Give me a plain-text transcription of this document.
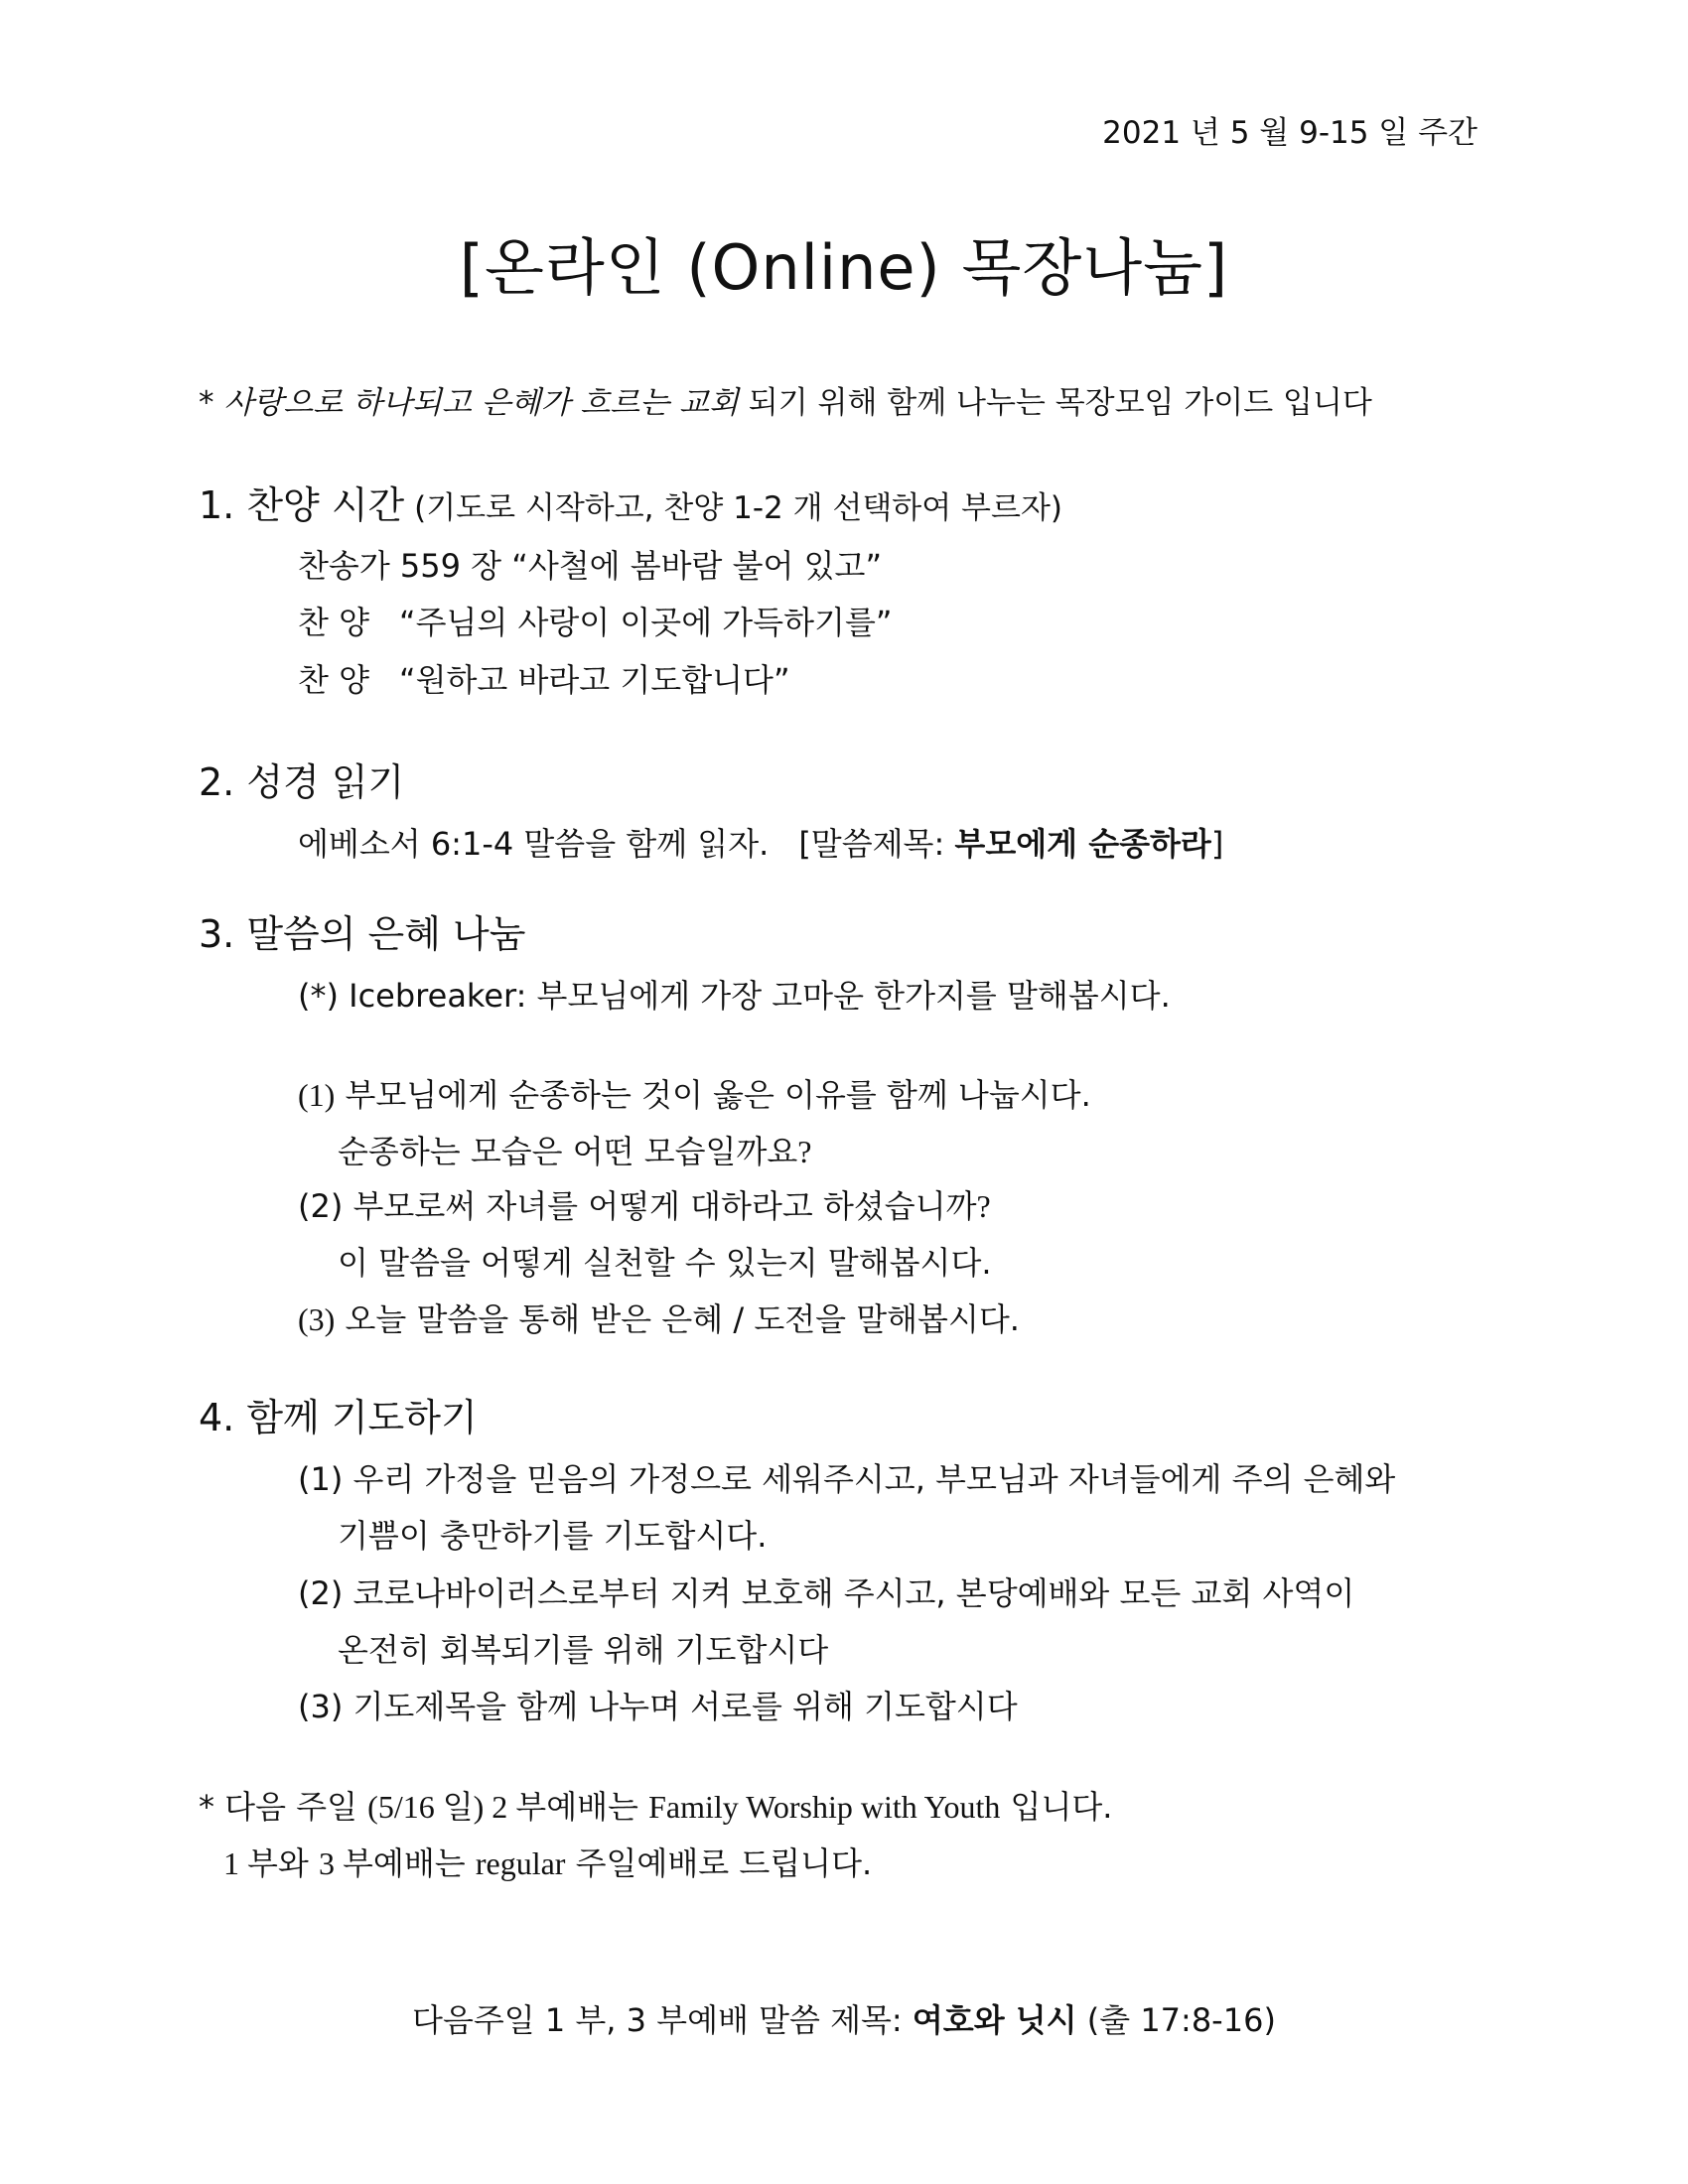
2021 년 5 월 9-15 일 주간
[온라인 (Online) 목장나눔]
* 사랑으로 하나되고 은혜가 흐르는 교회 되기 위해 함께 나누는 목장모임 가이드 입니다
1. 찬양 시간 (기도로 시작하고, 찬양 1-2 개 선택하여 부르자)
찬송가 559 장 “사철에 봄바람 불어 있고”
찬 양 “주님의 사랑이 이곳에 가득하기를”
찬 양 “원하고 바라고 기도합니다”
2. 성경 읽기
에베소서 6:1-4 말씀을 함께 읽자. [말씀제목: 부모에게 순종하라]
3. 말씀의 은혜 나눔
(*) Icebreaker: 부모님에게 가장 고마운 한가지를 말해봅시다.
(1) 부모님에게 순종하는 것이 옳은 이유를 함께 나눕시다.
순종하는 모습은 어떤 모습일까요?
(2) 부모로써 자녀를 어떻게 대하라고 하셨습니까?
이 말씀을 어떻게 실천할 수 있는지 말해봅시다.
(3) 오늘 말씀을 통해 받은 은혜 / 도전을 말해봅시다.
4. 함께 기도하기
(1) 우리 가정을 믿음의 가정으로 세워주시고, 부모님과 자녀들에게 주의 은혜와
기쁨이 충만하기를 기도합시다.
(2) 코로나바이러스로부터 지켜 보호해 주시고, 본당예배와 모든 교회 사역이
온전히 회복되기를 위해 기도합시다
(3) 기도제목을 함께 나누며 서로를 위해 기도합시다
* 다음 주일 (5/16 일) 2 부예배는 Family Worship with Youth 입니다.
1 부와 3 부예배는 regular 주일예배로 드립니다.
다음주일 1 부, 3 부예배 말씀 제목: 여호와 닛시 (출 17:8-16)
